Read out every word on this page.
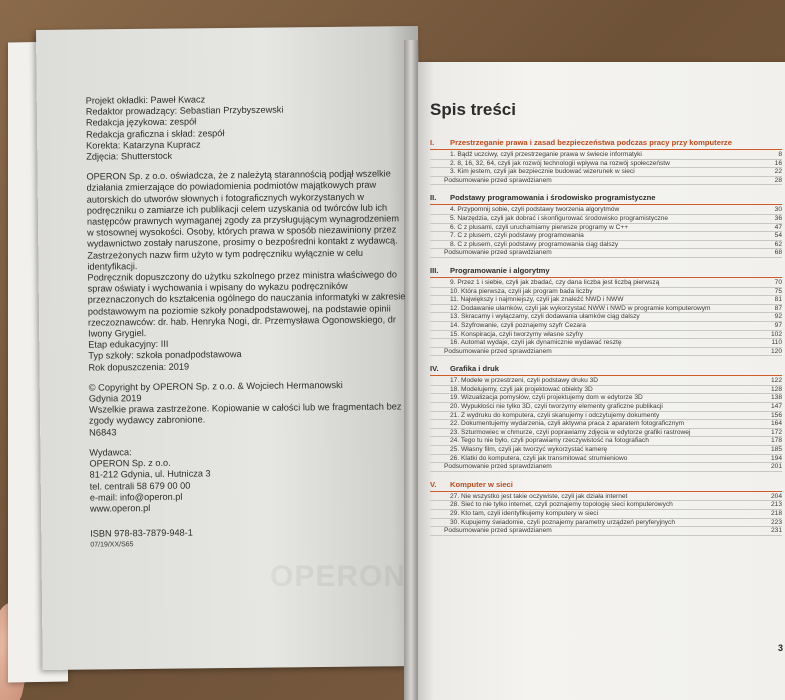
Projekt okładki: Paweł Kwacz

Redaktor prowadzący: Sebastian Przybyszewski

Redakcja językowa: zespół

Redakcja graficzna i skład: zespół

Korekta: Katarzyna Kupracz

Zdjęcia: Shutterstock

OPERON Sp. z o.o. oświadcza, że z należytą starannością podjął wszelkie działania zmierzające do powiadomienia podmiotów majątkowych praw autorskich do utworów słownych i fotograficznych wykorzystanych w podręczniku o zamiarze ich publikacji celem uzyskania od twórców lub ich następców prawnych wymaganej zgody za przysługującym wynagrodzeniem w stosownej wysokości. Osoby, których prawa w sposób niezawiniony przez wydawnictwo zostały naruszone, prosimy o bezpośredni kontakt z wydawcą.

Zastrzeżonych nazw firm użyto w tym podręczniku wyłącznie w celu identyfikacji.

Podręcznik dopuszczony do użytku szkolnego przez ministra właściwego do spraw oświaty i wychowania i wpisany do wykazu podręczników przeznaczonych do kształcenia ogólnego do nauczania informatyki w zakresie podstawowym na poziomie szkoły ponadpodstawowej, na podstawie opinii rzeczoznawców: dr. hab. Henryka Nogi, dr. Przemysława Ogonowskiego, dr Iwony Grygiel.

Etap edukacyjny: III

Typ szkoły: szkoła ponadpodstawowa

Rok dopuszczenia: 2019

© Copyright by OPERON Sp. z o.o. & Wojciech Hermanowski

Gdynia 2019

Wszelkie prawa zastrzeżone. Kopiowanie w całości lub we fragmentach bez zgody wydawcy zabronione.

N6843

Wydawca:

OPERON Sp. z o.o.

81-212 Gdynia, ul. Hutnicza 3

tel. centrali 58 679 00 00

e-mail: info@operon.pl

www.operon.pl

ISBN 978-83-7879-948-1

07/19/XX/S65

OPERON
Spis treści
I.	Przestrzeganie prawa i zasad bezpieczeństwa podczas pracy przy komputerze
1. Bądź uczciwy, czyli przestrzeganie prawa w świecie informatyki	8
2. 8, 16, 32, 64, czyli jak rozwój technologii wpływa na rozwój społeczeństw	16
3. Kim jestem, czyli jak bezpiecznie budować wizerunek w sieci	22
Podsumowanie przed sprawdzianem	28
II.	Podstawy programowania i środowisko programistyczne
4. Przypomnij sobie, czyli podstawy tworzenia algorytmów	30
5. Narzędzia, czyli jak dobrać i skonfigurować środowisko programistyczne	36
6. C z plusami, czyli uruchamiamy pierwsze programy w C++	47
7. C z plusem, czyli podstawy programowania	54
8. C z plusem, czyli podstawy programowania ciąg dalszy	62
Podsumowanie przed sprawdzianem	68
III.	Programowanie i algorytmy
9. Przez 1 i siebie, czyli jak zbadać, czy dana liczba jest liczbą pierwszą	70
10. Która pierwsza, czyli jak program bada liczby	75
11. Największy i najmniejszy, czyli jak znaleźć NWD i NWW	81
12. Dodawanie ułamków, czyli jak wykorzystać NWW i NWD w programie komputerowym	87
13. Skracamy i wyłączamy, czyli dodawania ułamków ciąg dalszy	92
14. Szyfrowanie, czyli poznajemy szyfr Cezara	97
15. Konspiracja, czyli tworzymy własne szyfry	102
16. Automat wydaje, czyli jak dynamicznie wydawać resztę	110
Podsumowanie przed sprawdzianem	120
IV.	Grafika i druk
17. Modele w przestrzeni, czyli podstawy druku 3D	122
18. Modelujemy, czyli jak projektować obiekty 3D	128
19. Wizualizacja pomysłów, czyli projektujemy dom w edytorze 3D	138
20. Wypukłości nie tylko 3D, czyli tworzymy elementy graficzne publikacji	147
21. Z wydruku do komputera, czyli skanujemy i odczytujemy dokumenty	156
22. Dokumentujemy wydarzenia, czyli aktywna praca z aparatem fotograficznym	164
23. Szturmowiec w chmurze, czyli poprawiamy zdjęcia w edytorze grafiki rastrowej	172
24. Tego tu nie było, czyli poprawiamy rzeczywistość na fotografiach	178
25. Własny film, czyli jak tworzyć wykorzystać kamerę	185
26. Klatki do komputera, czyli jak transmitować strumieniowo	194
Podsumowanie przed sprawdzianem	201
V.	Komputer w sieci
27. Nie wszystko jest takie oczywiste, czyli jak działa internet	204
28. Sieć to nie tylko internet, czyli poznajemy topologię sieci komputerowych	213
29. Kto tam, czyli identyfikujemy komputery w sieci	218
30. Kupujemy świadomie, czyli poznajemy parametry urządzeń peryferyjnych	223
Podsumowanie przed sprawdzianem	231
3
